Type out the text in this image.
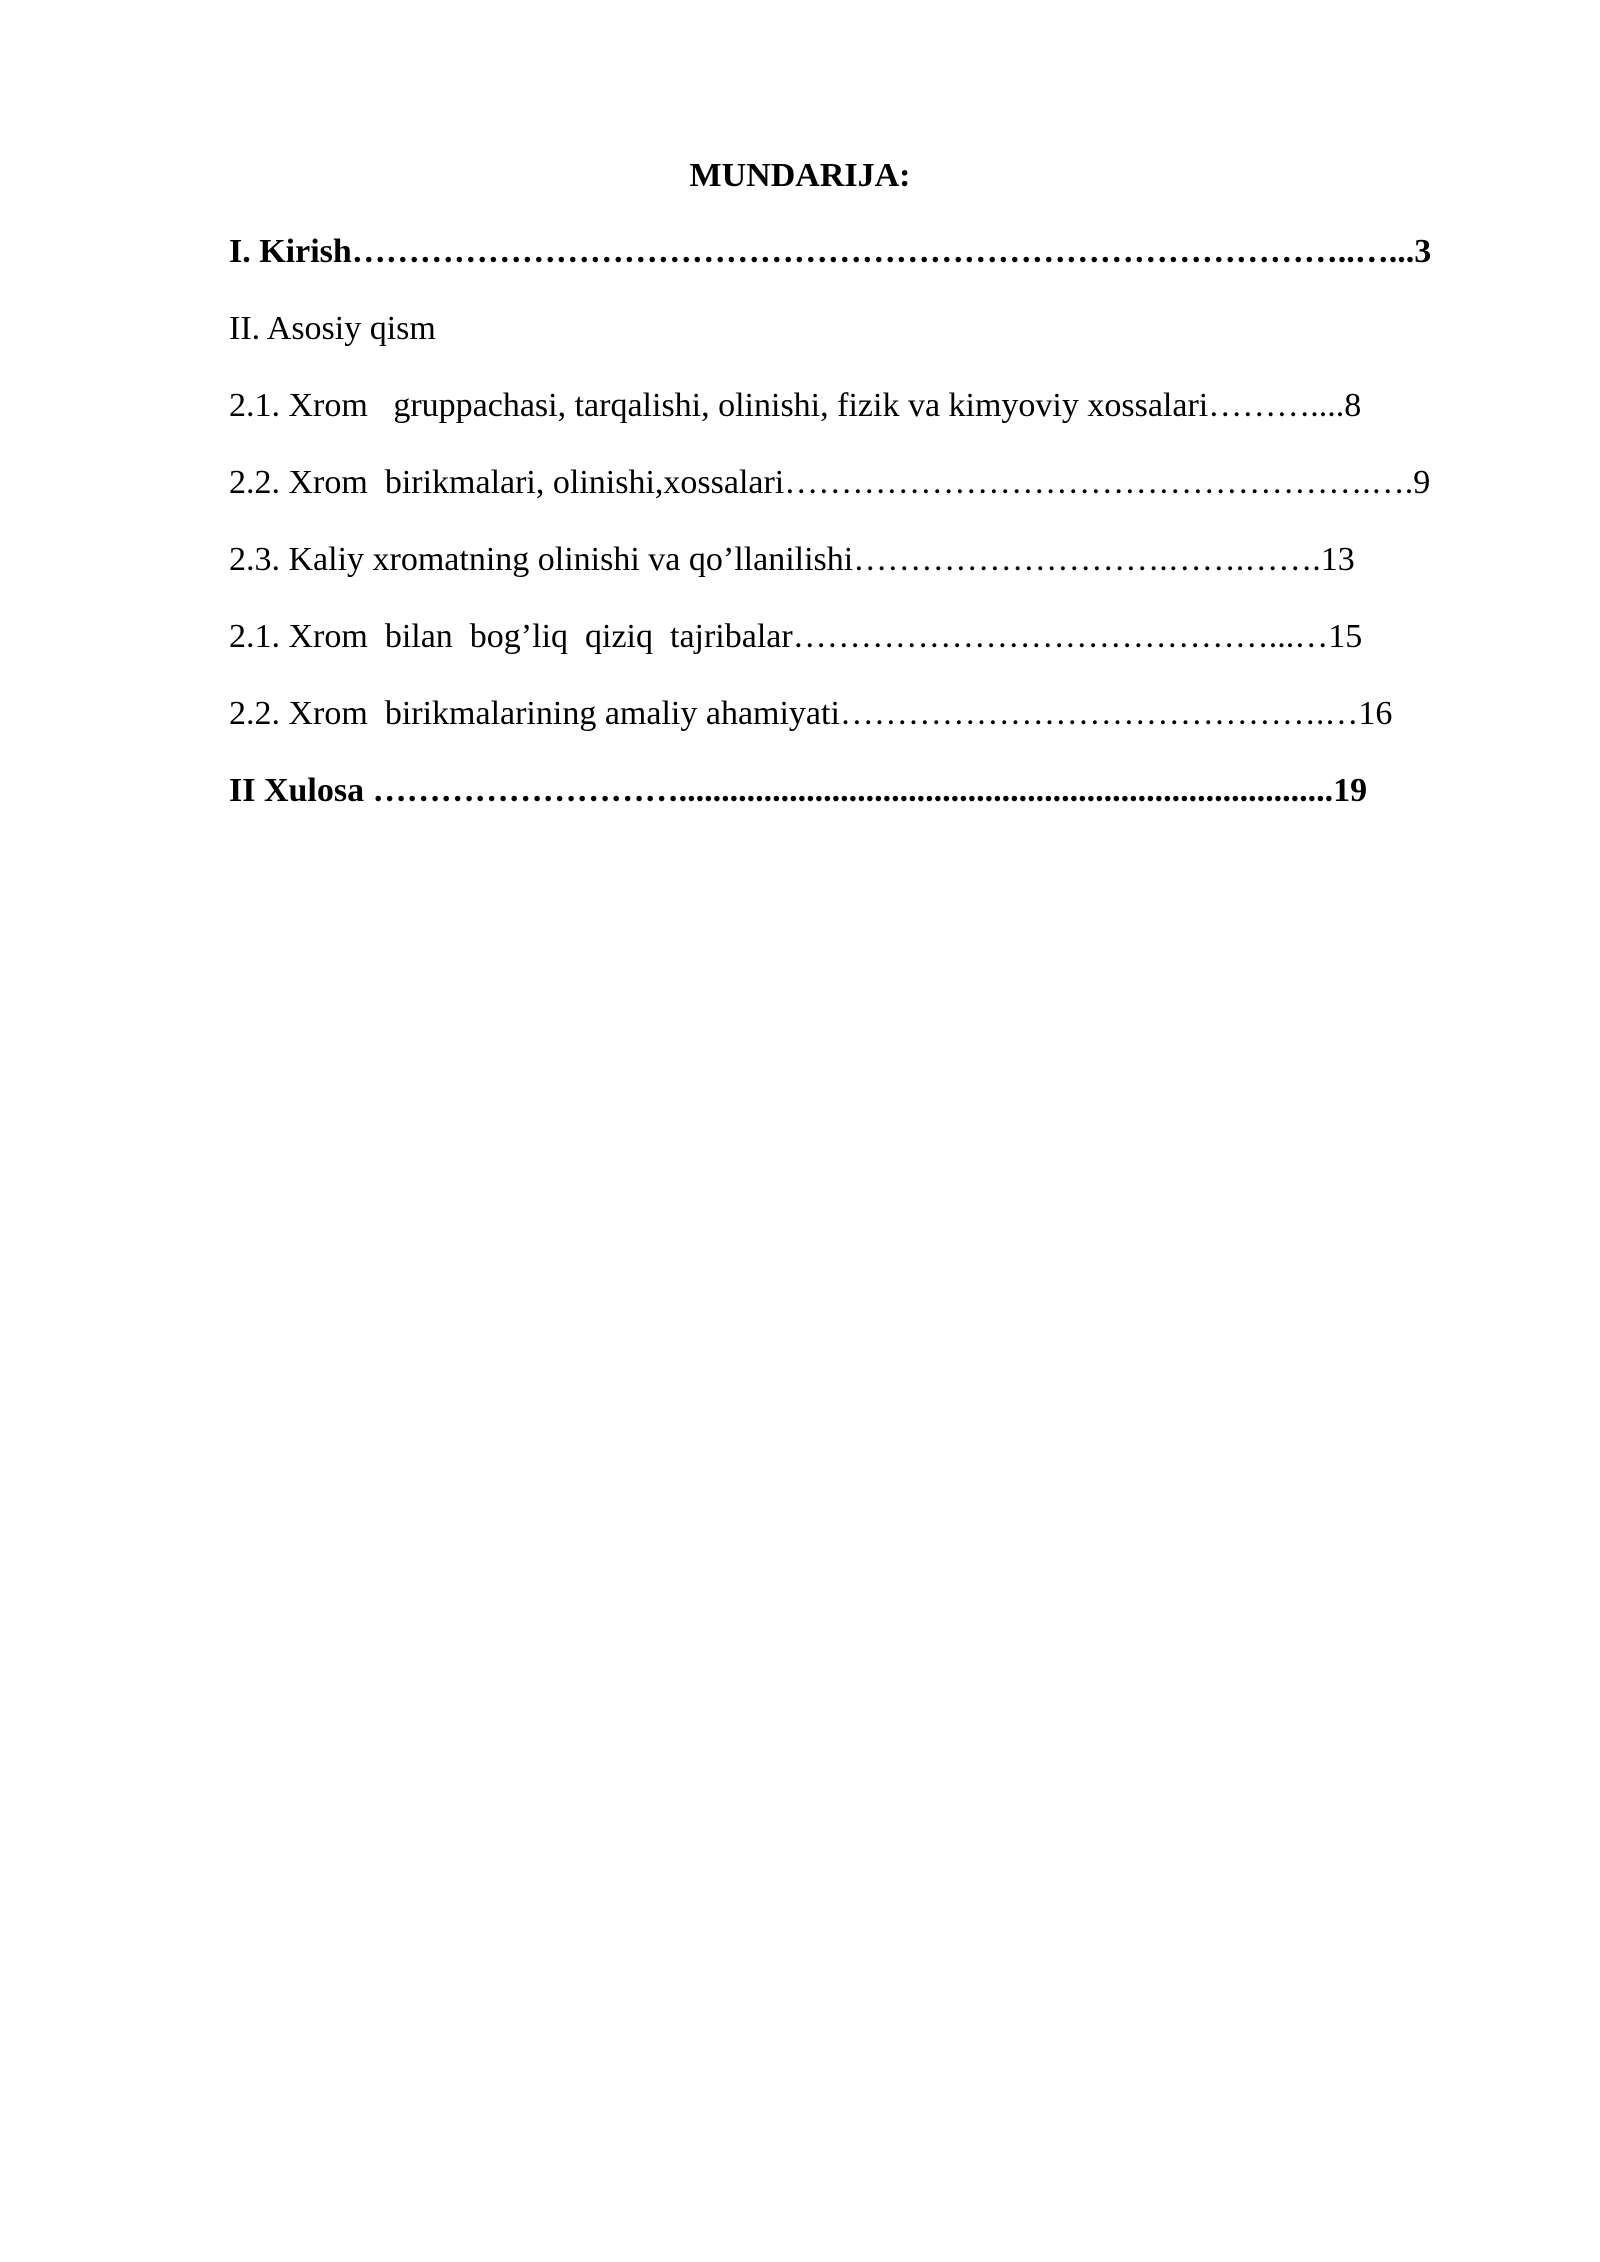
MUNDARIJA:
I. Kirish……………………………………………………………………………..…...3
II. Asosiy qism
2.1. Xrom   gruppachasi, tarqalishi, olinishi, fizik va kimyoviy xossalari………....8
2.2. Xrom  birikmalari, olinishi,xossalari…………………………………………….….9
2.3. Kaliy xromatning olinishi va qo’llanilishi……………………….…….…….13
2.1. Xrom  bilan  bog’liq  qiziq  tajribalar……………………………………...…15
2.2. Xrom  birikmalarining amaliy ahamiyati…………………………………….…16
II Xulosa ……………………….............................................................................19
